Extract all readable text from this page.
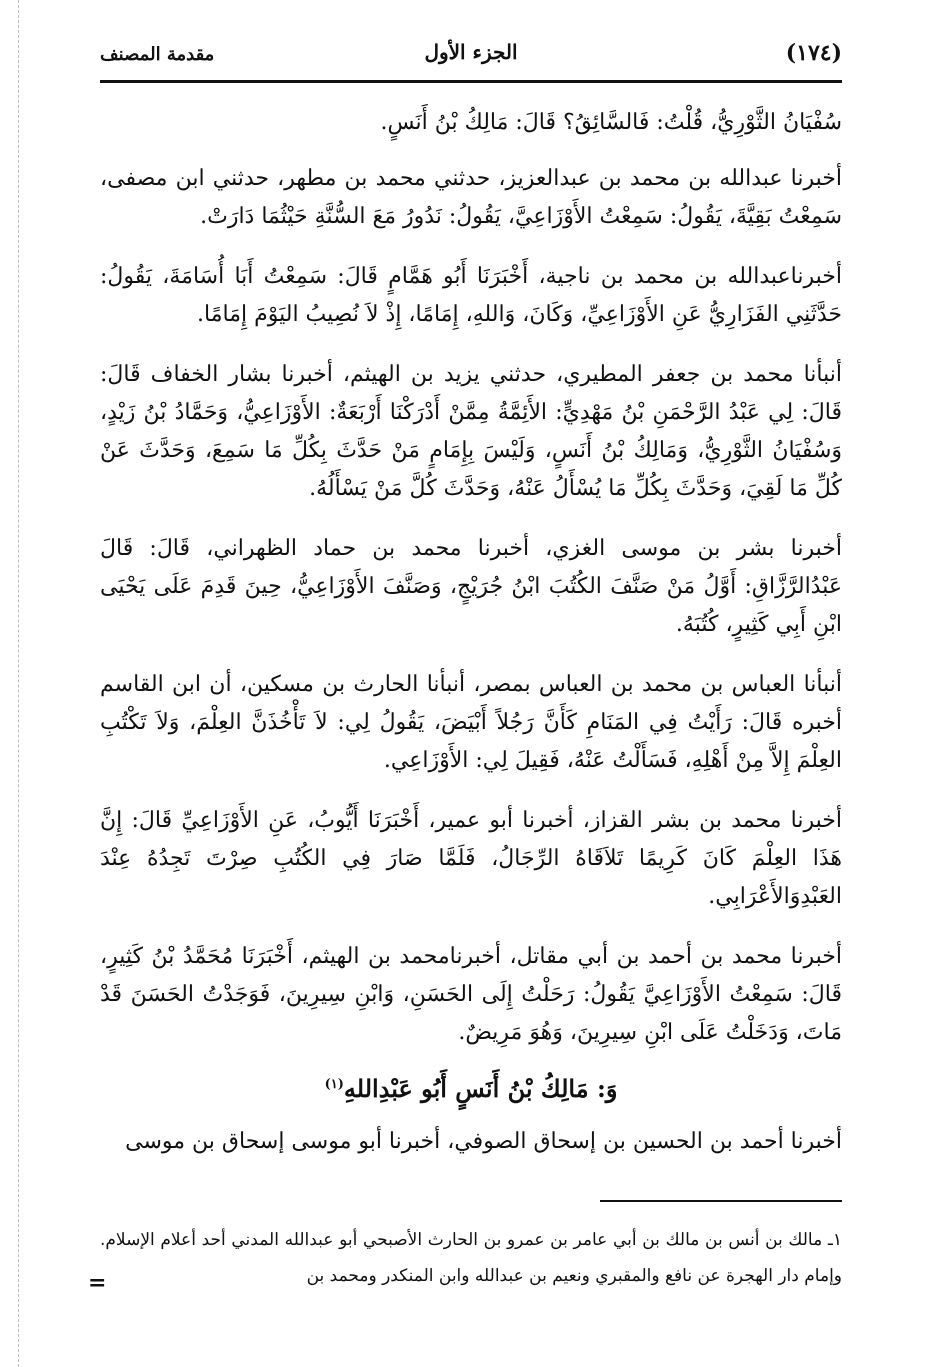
(١٧٤)
الجزء الأول
مقدمة المصنف

سُفْيَانُ الثَّوْرِيُّ، قُلْتُ: فَالسَّائِقُ؟ قَالَ: مَالِكُ بْنُ أَنَسٍ.

أخبرنا عبدالله بن محمد بن عبدالعزيز، حدثني محمد بن مطهر، حدثني ابن مصفى، سَمِعْتُ بَقِيَّةَ، يَقُولُ: سَمِعْتُ الأَوْزَاعِيَّ، يَقُولُ: نَدُورُ مَعَ السُّنَّةِ حَيْثُمَا دَارَتْ.

أخبرناعبدالله بن محمد بن ناجية، أَخْبَرَنَا أَبُو هَمَّامٍ قَالَ: سَمِعْتُ أَبَا أُسَامَةَ، يَقُولُ: حَدَّثَنِي الفَزَارِيُّ عَنِ الأَوْزَاعِيِّ، وَكَانَ، وَاللهِ، إِمَامًا، إِذْ لاَ نُصِيبُ اليَوْمَ إِمَامًا.

أنبأنا محمد بن جعفر المطيري، حدثني يزيد بن الهيثم، أخبرنا بشار الخفاف قَالَ: قَالَ: لِي عَبْدُ الرَّحْمَنِ بْنُ مَهْدِيٍّ: الأَئِمَّةُ مِمَّنْ أَدْرَكْنَا أَرْبَعَةٌ: الأَوْزَاعِيُّ، وَحَمَّادُ بْنُ زَيْدٍ، وَسُفْيَانُ الثَّوْرِيُّ، وَمَالِكُ بْنُ أَنَسٍ، وَلَيْسَ بِإِمَامٍ مَنْ حَدَّثَ بِكُلِّ مَا سَمِعَ، وَحَدَّثَ عَنْ كُلِّ مَا لَقِيَ، وَحَدَّثَ بِكُلِّ مَا يُسْأَلُ عَنْهُ، وَحَدَّثَ كُلَّ مَنْ يَسْأَلُهُ.

أخبرنا بشر بن موسى الغزي، أخبرنا محمد بن حماد الظهراني، قَالَ: قَالَ عَبْدُالرَّزَّاقِ: أَوَّلُ مَنْ صَنَّفَ الكُتُبَ ابْنُ جُرَيْجٍ، وَصَنَّفَ الأَوْزَاعِيُّ، حِينَ قَدِمَ عَلَى يَحْيَى ابْنِ أَبِي كَثِيرٍ، كُتُبَهُ.

أنبأنا العباس بن محمد بن العباس بمصر، أنبأنا الحارث بن مسكين، أن ابن القاسم أخبره قَالَ: رَأَيْتُ فِي المَنَامِ كَأَنَّ رَجُلاً أَبْيَضَ، يَقُولُ لِي: لاَ تَأْخُذَنَّ العِلْمَ، وَلاَ تَكْتُبِ العِلْمَ إِلاَّ مِنْ أَهْلِهِ، فَسَأَلْتُ عَنْهُ، فَقِيلَ لِي: الأَوْزَاعِي.

أخبرنا محمد بن بشر القزاز، أخبرنا أبو عمير، أَخْبَرَنَا أَيُّوبُ، عَنِ الأَوْزَاعِيِّ قَالَ: إِنَّ هَذَا العِلْمَ كَانَ كَرِيمًا تَلاَقَاهُ الرِّجَالُ، فَلَمَّا صَارَ فِي الكُتُبِ صِرْتَ تَجِدُهُ عِنْدَ العَبْدِوَالأَعْرَابِي.

أخبرنا محمد بن أحمد بن أبي مقاتل، أخبرنامحمد بن الهيثم، أَخْبَرَنَا مُحَمَّدُ بْنُ كَثِيرٍ، قَالَ: سَمِعْتُ الأَوْزَاعِيَّ يَقُولُ: رَحَلْتُ إِلَى الحَسَنِ، وَابْنِ سِيرِينَ، فَوَجَدْتُ الحَسَنَ قَدْ مَاتَ، وَدَخَلْتُ عَلَى ابْنِ سِيرِينَ، وَهُوَ مَرِيضٌ.

وَ: مَالِكُ بْنُ أَنَسٍ أَبُو عَبْدِاللهِ$^{(١)}$

أخبرنا أحمد بن الحسين بن إسحاق الصوفي، أخبرنا أبو موسى إسحاق بن موسى

١ـ مالك بن أنس بن مالك بن أبي عامر بن عمرو بن الحارث الأصبحي أبو عبدالله المدني أحد أعلام الإسلام. وإمام دار الهجرة عن نافع والمقبري ونعيم بن عبدالله وابن المنكدر ومحمد بن
=
